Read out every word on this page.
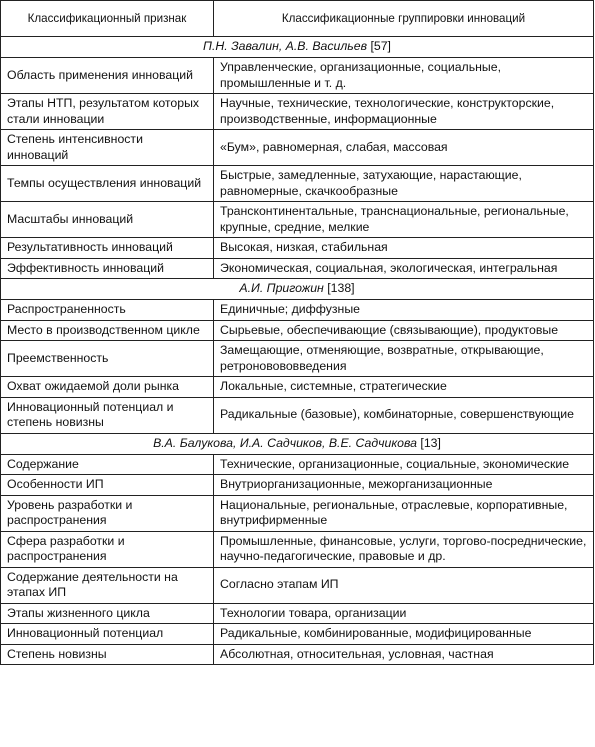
Классификационный признак	Классификационные группировки инноваций
П.Н. Завалин, А.В. Васильев [57]	
Область применения инноваций	Управленческие, организационные, социальные, промышленные и т. д.
Этапы НТП, результатом которых стали инновации	Научные, технические, технологические, конструкторские, производственные, информационные
Степень интенсивности инноваций	«Бум», равномерная, слабая, массовая
Темпы осуществления инноваций	Быстрые, замедленные, затухающие, нарастающие, равномерные, скачкообразные
Масштабы инноваций	Трансконтинентальные, транснациональные, региональные, крупные, средние, мелкие
Результативность инноваций	Высокая, низкая, стабильная
Эффективность инноваций	Экономическая, социальная, экологическая, интегральная
А.И. Пригожин [138]	
Распространенность	Единичные; диффузные
Место в производственном цикле	Сырьевые, обеспечивающие (связывающие), продуктовые
Преемственность	Замещающие, отменяющие, возвратные, открывающие, ретроновововведения
Охват ожидаемой доли рынка	Локальные, системные, стратегические
Инновационный потенциал и степень новизны	Радикальные (базовые), комбинаторные, совершенствующие
В.А. Балукова, И.А. Садчиков, В.Е. Садчикова [13]	
Содержание	Технические, организационные, социальные, экономические
Особенности ИП	Внутриорганизационные, межорганизационные
Уровень разработки и распространения	Национальные, региональные, отраслевые, корпоративные, внутрифирменные
Сфера разработки и распространения	Промышленные, финансовые, услуги, торгово-посреднические, научно-педагогические, правовые и др.
Содержание деятельности на этапах ИП	Согласно этапам ИП
Этапы жизненного цикла	Технологии товара, организации
Инновационный потенциал	Радикальные, комбинированные, модифицированные
Степень новизны	Абсолютная, относительная, условная, частная
